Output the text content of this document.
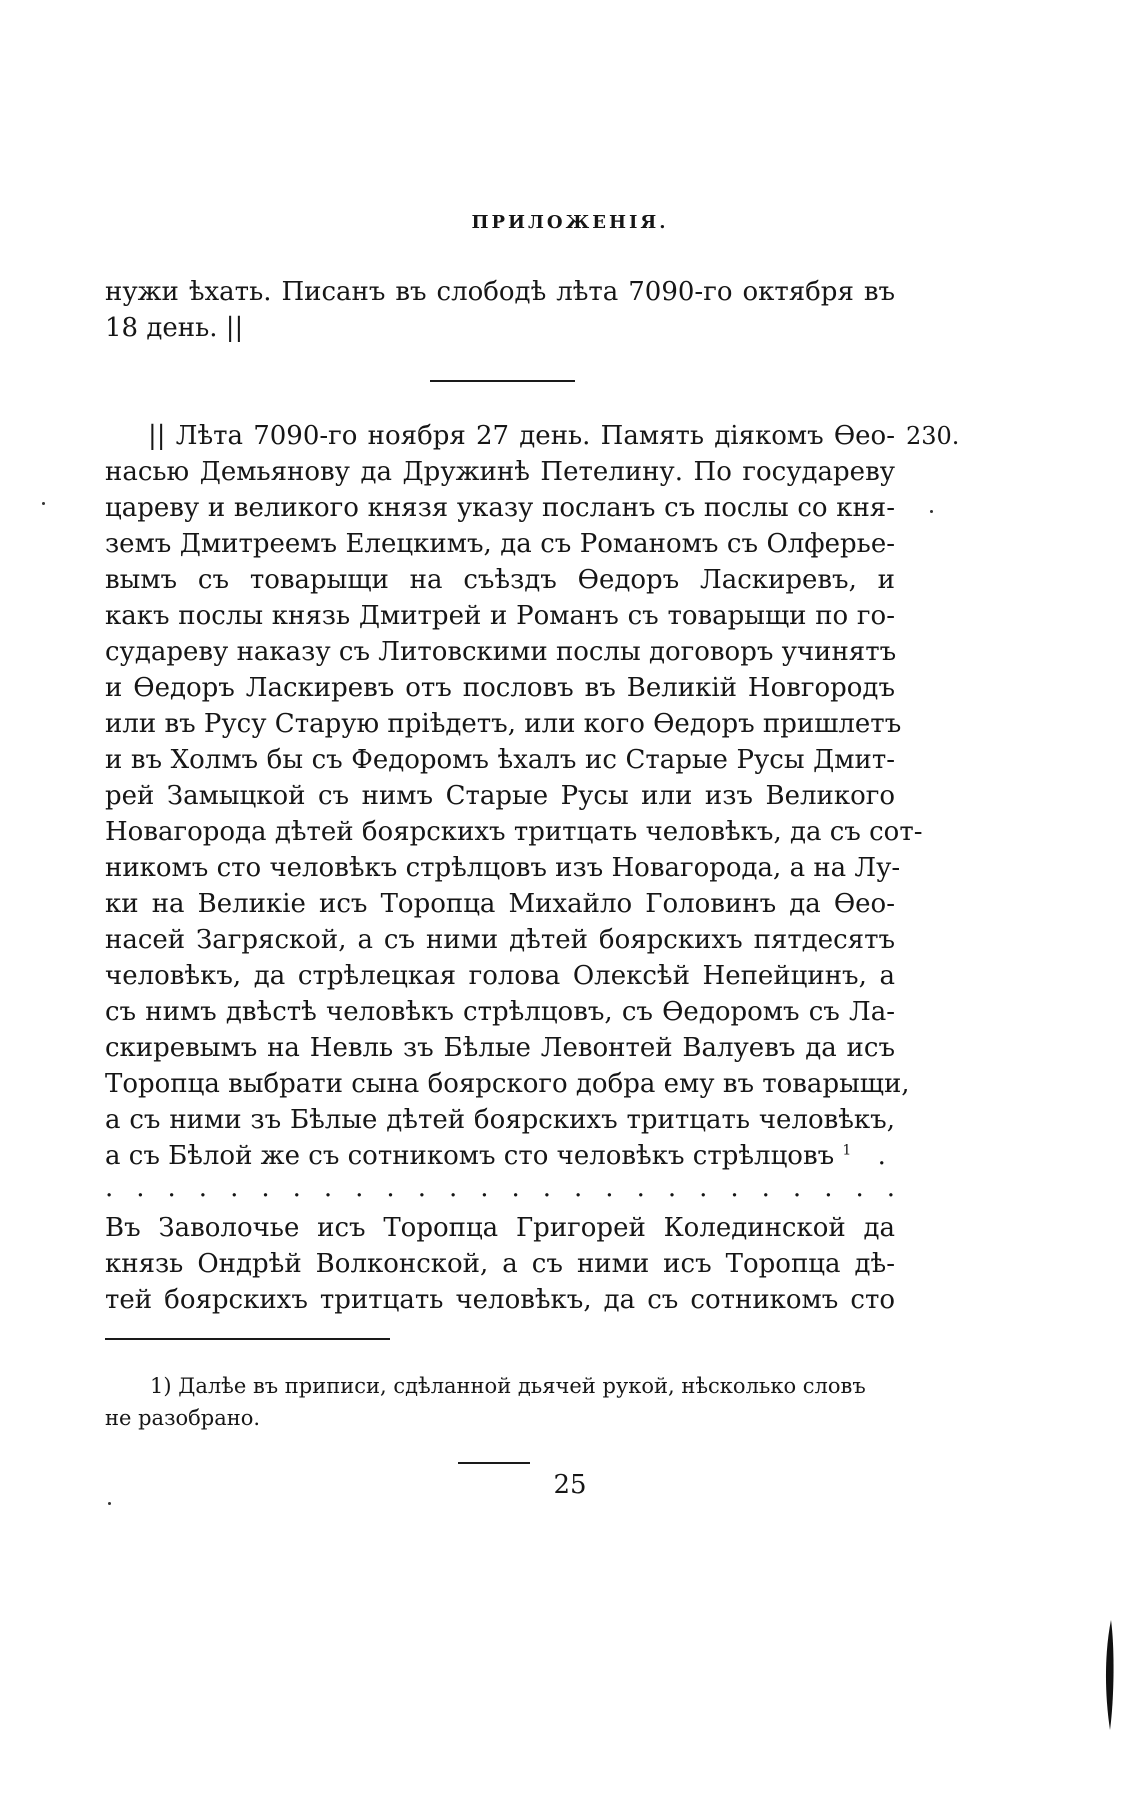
ПРИЛОЖЕНІЯ.
нужи ѣхать. Писанъ въ слободѣ лѣта 7090-го октября въ
18 день. ||
230.
|| Лѣта 7090-го ноября 27 день. Память діякомъ Ѳео-
насью Демьянову да Дружинѣ Петелину. По государеву
цареву и великого князя указу посланъ съ послы со кня-
земъ Дмитреемъ Елецкимъ, да съ Романомъ съ Олферье-
вымъ съ товарыщи на съѣздъ Ѳедоръ Ласкиревъ, и
какъ послы князь Дмитрей и Романъ съ товарыщи по го-
судареву наказу съ Литовскими послы договоръ учинятъ
и Ѳедоръ Ласкиревъ отъ пословъ въ Великій Новгородъ
или въ Русу Старую пріѣдетъ, или кого Ѳедоръ пришлетъ
и въ Холмъ бы съ Федоромъ ѣхалъ ис Старые Русы Дмит-
рей Замыцкой съ нимъ Старые Русы или изъ Великого
Новагорода дѣтей боярскихъ тритцать человѣкъ, да съ сот-
никомъ сто человѣкъ стрѣлцовъ изъ Новагорода, а на Лу-
ки на Великіе исъ Торопца Михайло Головинъ да Ѳео-
насей Загряской, а съ ними дѣтей боярскихъ пятдесятъ
человѣкъ, да стрѣлецкая голова Олексѣй Непейцинъ, а
съ нимъ двѣстѣ человѣкъ стрѣлцовъ, съ Ѳедоромъ съ Ла-
скиревымъ на Невль зъ Бѣлые Левонтей Валуевъ да исъ
Торопца выбрати сына боярского добра ему въ товарыщи,
а съ ними зъ Бѣлые дѣтей боярскихъ тритцать человѣкъ,
а съ Бѣлой же съ сотникомъ сто человѣкъ стрѣлцовъ $^1$ .
. . . . . . . . . . . . . . . . . . . . . . . . . .
Въ Заволочье исъ Торопца Григорей Колединской да
князь Ондрѣй Волконской, а съ ними исъ Торопца дѣ-
тей боярскихъ тритцать человѣкъ, да съ сотникомъ сто
1) Далѣе въ приписи, сдѣланной дьячей рукой, нѣсколько словъ
не разобрано.
25
